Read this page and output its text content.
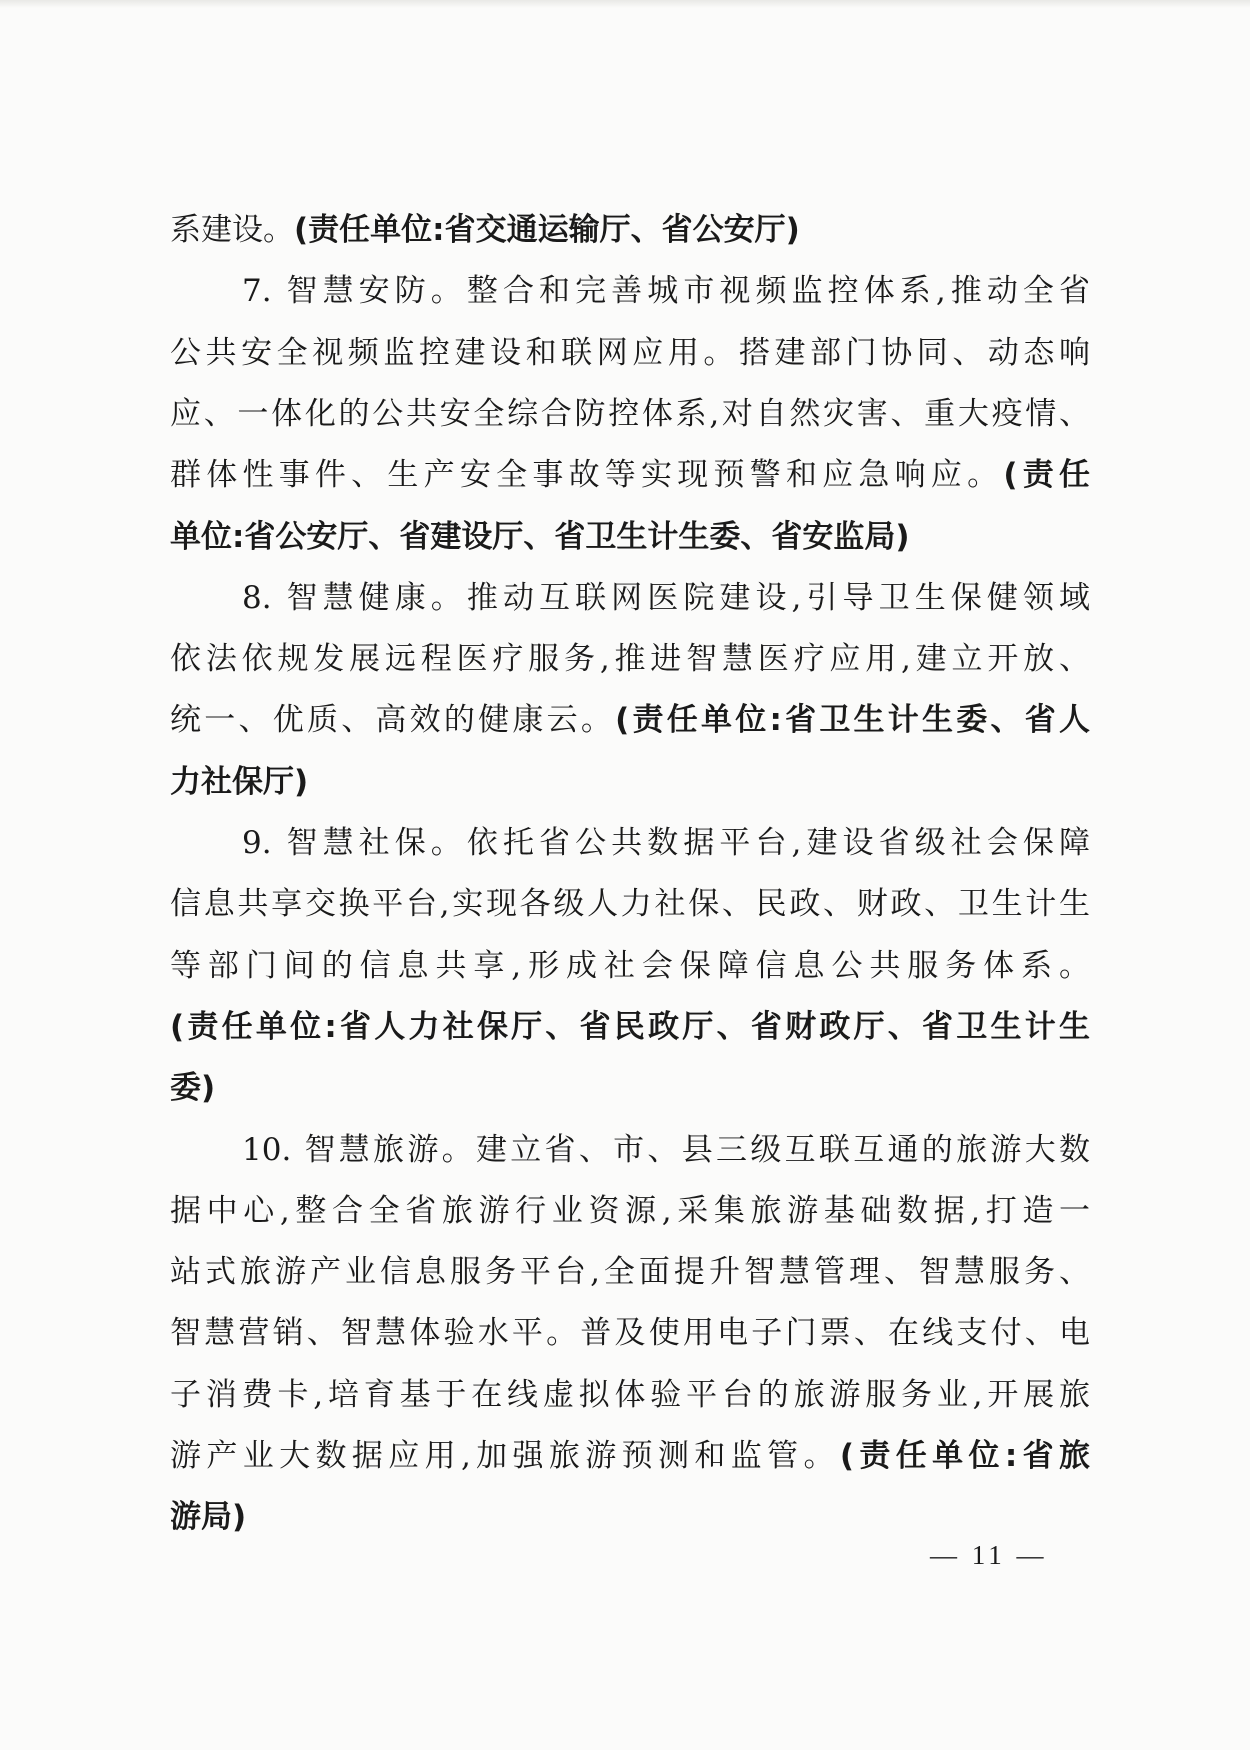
系建设。(责任单位:省交通运输厅、省公安厅)
7. 智慧安防。整合和完善城市视频监控体系,推动全省
公共安全视频监控建设和联网应用。搭建部门协同、动态响
应、一体化的公共安全综合防控体系,对自然灾害、重大疫情、
群体性事件、生产安全事故等实现预警和应急响应。(责任
单位:省公安厅、省建设厅、省卫生计生委、省安监局)
8. 智慧健康。推动互联网医院建设,引导卫生保健领域
依法依规发展远程医疗服务,推进智慧医疗应用,建立开放、
统一、优质、高效的健康云。(责任单位:省卫生计生委、省人
力社保厅)
9. 智慧社保。依托省公共数据平台,建设省级社会保障
信息共享交换平台,实现各级人力社保、民政、财政、卫生计生
等部门间的信息共享,形成社会保障信息公共服务体系。
(责任单位:省人力社保厅、省民政厅、省财政厅、省卫生计生
委)
10. 智慧旅游。建立省、市、县三级互联互通的旅游大数
据中心,整合全省旅游行业资源,采集旅游基础数据,打造一
站式旅游产业信息服务平台,全面提升智慧管理、智慧服务、
智慧营销、智慧体验水平。普及使用电子门票、在线支付、电
子消费卡,培育基于在线虚拟体验平台的旅游服务业,开展旅
游产业大数据应用,加强旅游预测和监管。(责任单位:省旅
游局)
— 11 —
